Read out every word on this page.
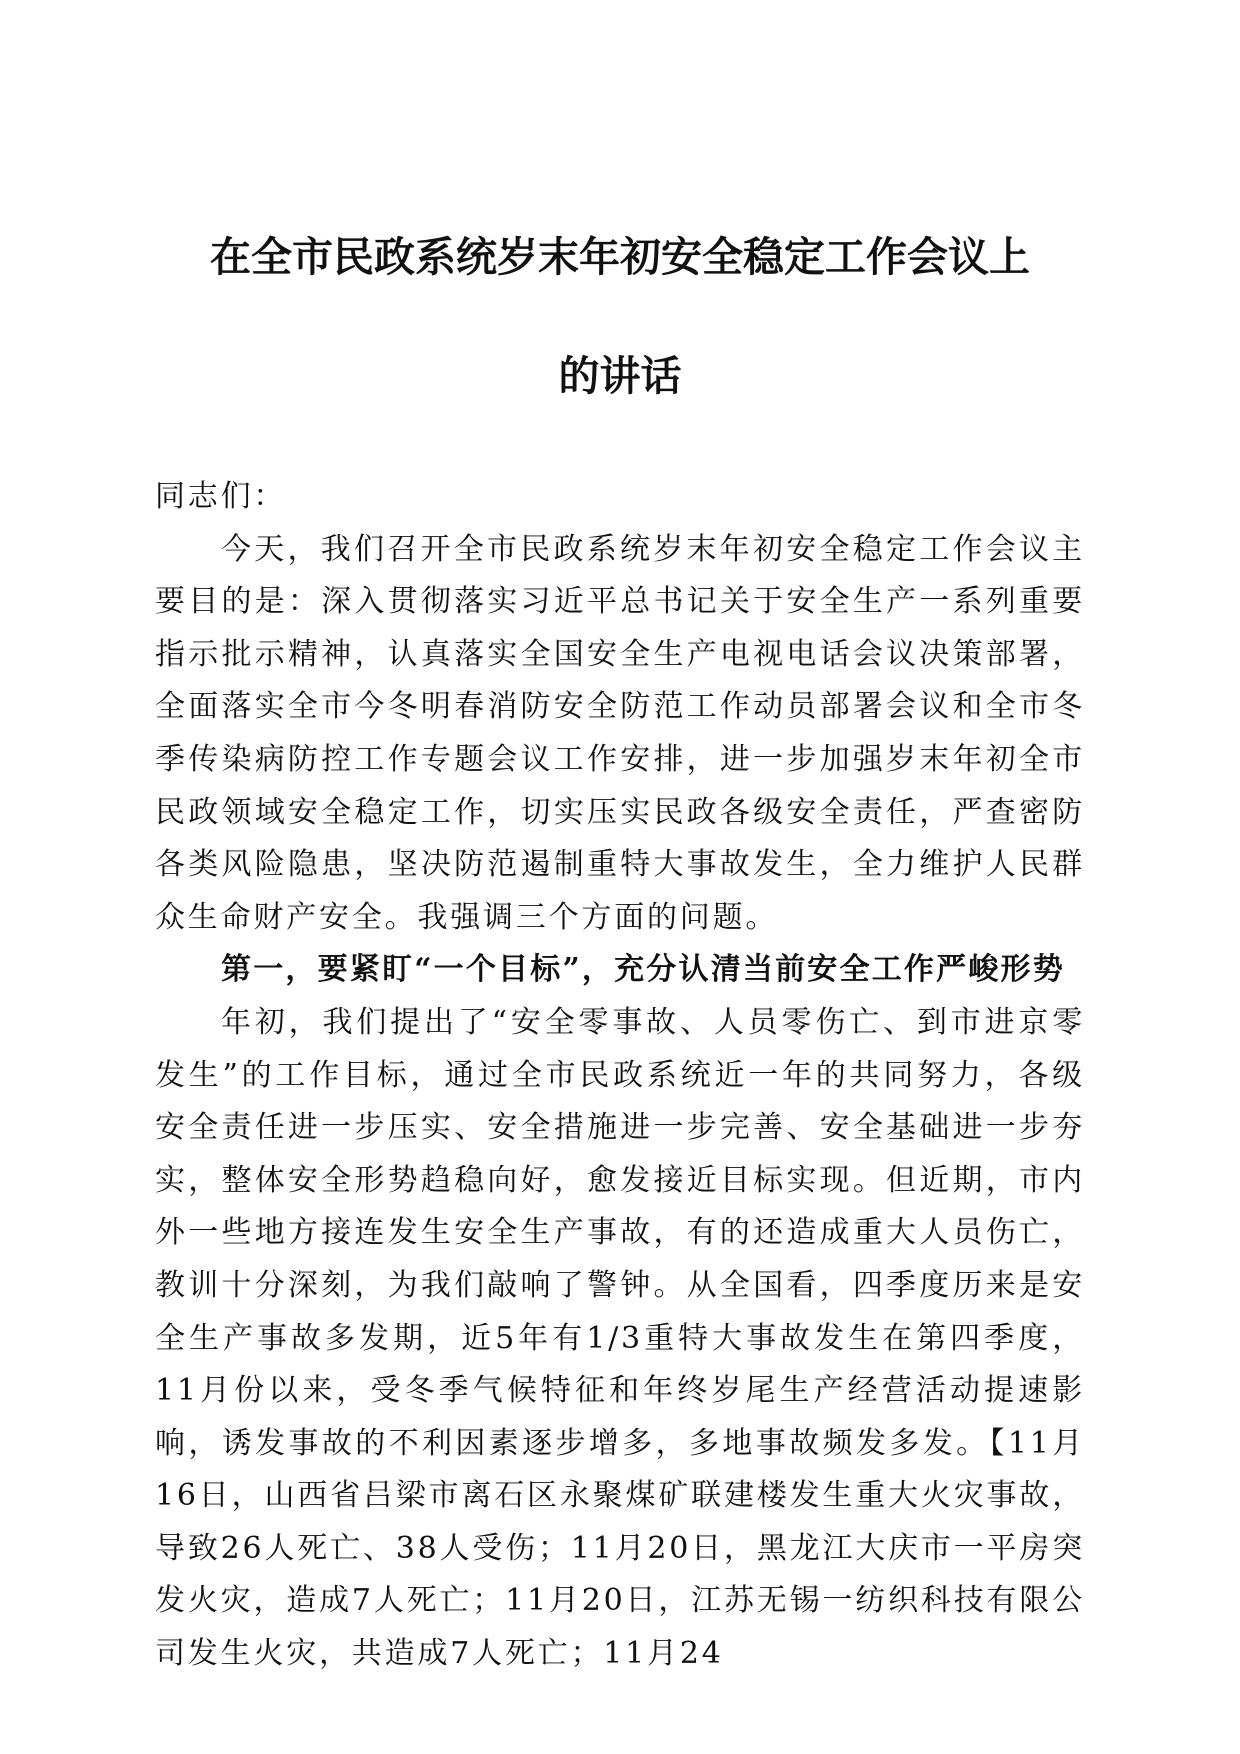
在全市民政系统岁末年初安全稳定工作会议上
的讲话

同志们：

今天，我们召开全市民政系统岁末年初安全稳定工作会议主要目的是：深入贯彻落实习近平总书记关于安全生产一系列重要指示批示精神，认真落实全国安全生产电视电话会议决策部署，全面落实全市今冬明春消防安全防范工作动员部署会议和全市冬季传染病防控工作专题会议工作安排，进一步加强岁末年初全市民政领域安全稳定工作，切实压实民政各级安全责任，严查密防各类风险隐患，坚决防范遏制重特大事故发生，全力维护人民群众生命财产安全。我强调三个方面的问题。

第一，要紧盯“一个目标”，充分认清当前安全工作严峻形势

年初，我们提出了“安全零事故、人员零伤亡、到市进京零发生”的工作目标，通过全市民政系统近一年的共同努力，各级安全责任进一步压实、安全措施进一步完善、安全基础进一步夯实，整体安全形势趋稳向好，愈发接近目标实现。但近期，市内外一些地方接连发生安全生产事故，有的还造成重大人员伤亡，教训十分深刻，为我们敲响了警钟。从全国看，四季度历来是安全生产事故多发期，近5年有1/3重特大事故发生在第四季度，11月份以来，受冬季气候特征和年终岁尾生产经营活动提速影响，诱发事故的不利因素逐步增多，多地事故频发多发。【11月16日，山西省吕梁市离石区永聚煤矿联建楼发生重大火灾事故，导致26人死亡、38人受伤；11月20日，黑龙江大庆市一平房突发火灾，造成7人死亡；11月20日，江苏无锡一纺织科技有限公司发生火灾，共造成7人死亡；11月24
